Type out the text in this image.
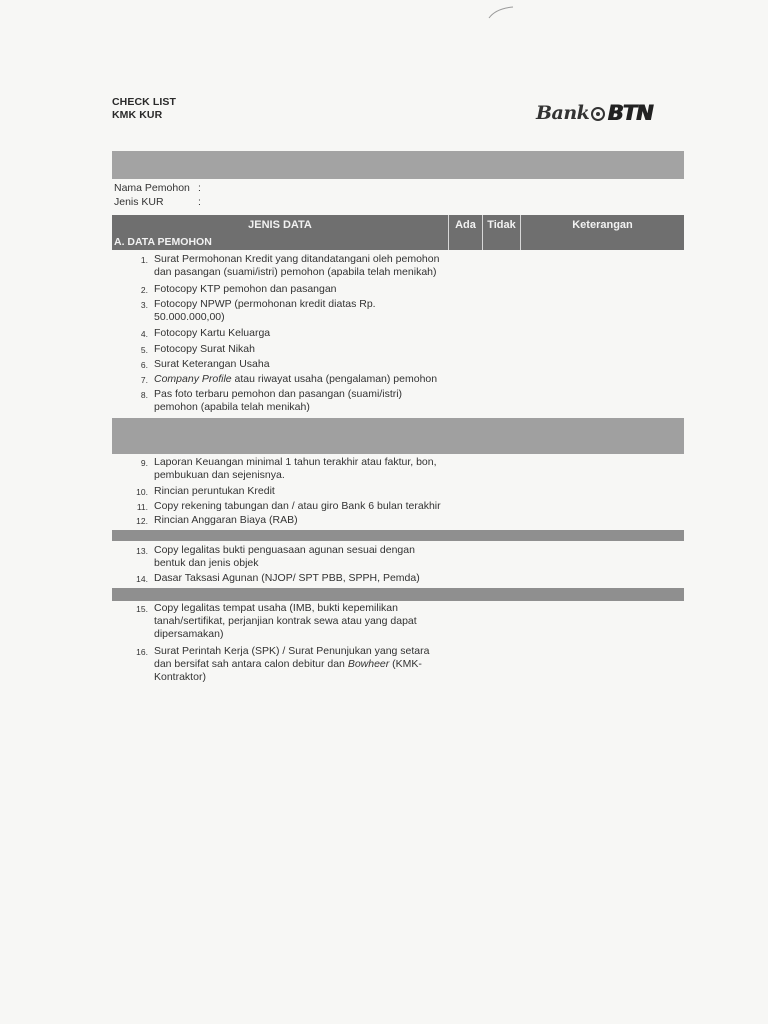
CHECK LIST
KMK KUR	Bank BTN
Nama Pemohon :
Jenis KUR	:
JENIS DATA	Ada	Tidak	Keterangan
A. DATA PEMOHON
1. Surat Permohonan Kredit yang ditandatangani oleh pemohon dan pasangan (suami/istri) pemohon (apabila telah menikah)
2. Fotocopy KTP pemohon dan pasangan
3. Fotocopy NPWP (permohonan kredit diatas Rp. 50.000.000,00)
4. Fotocopy Kartu Keluarga
5. Fotocopy Surat Nikah
6. Surat Keterangan Usaha
7. Company Profile atau riwayat usaha (pengalaman) pemohon
8. Pas foto terbaru pemohon dan pasangan (suami/istri) pemohon (apabila telah menikah)
9. Laporan Keuangan minimal 1 tahun terakhir atau faktur, bon, pembukuan dan sejenisnya.
10. Rincian peruntukan Kredit
11. Copy rekening tabungan dan / atau giro Bank 6 bulan terakhir
12. Rincian Anggaran Biaya (RAB)
13. Copy legalitas bukti penguasaan agunan sesuai dengan bentuk dan jenis objek
14. Dasar Taksasi Agunan (NJOP/ SPT PBB, SPPH, Pemda)
15. Copy legalitas tempat usaha (IMB, bukti kepemilikan tanah/sertifikat, perjanjian kontrak sewa atau yang dapat dipersamakan)
16. Surat Perintah Kerja (SPK) / Surat Penunjukan yang setara dan bersifat sah antara calon debitur dan Bowheer (KMK-Kontraktor)
